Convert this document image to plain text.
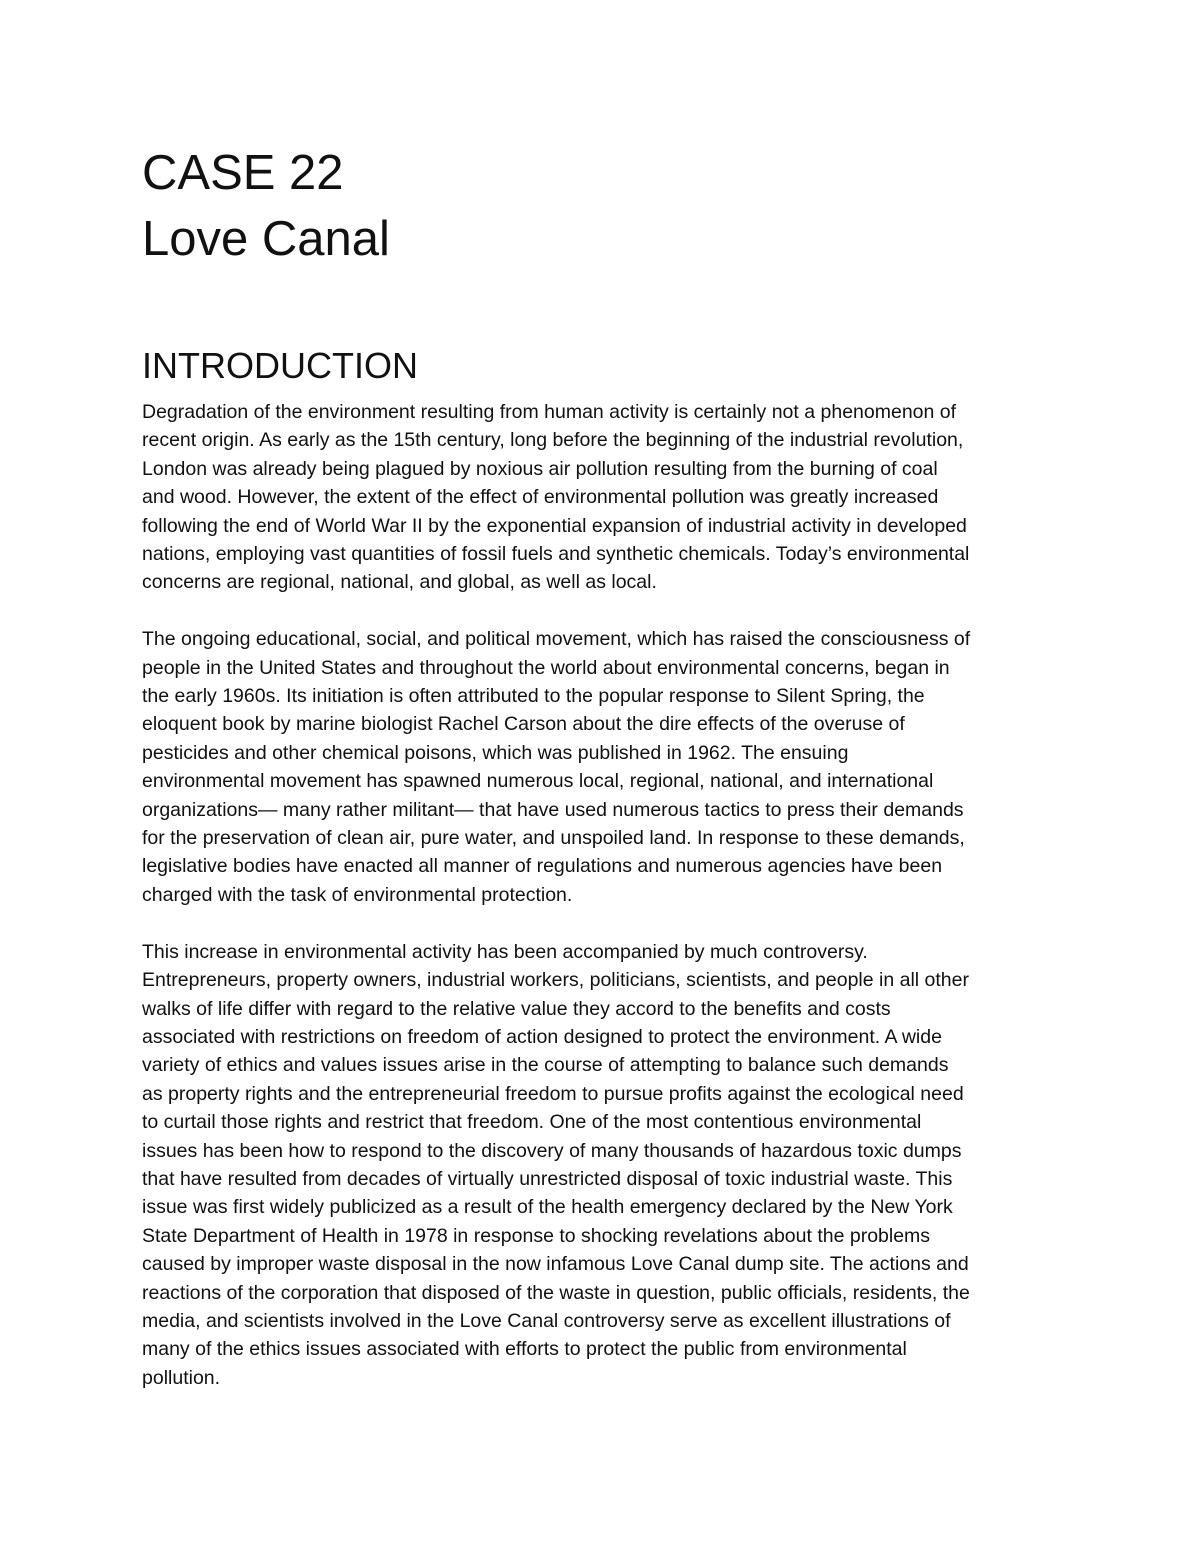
CASE 22
Love Canal
INTRODUCTION

Degradation of the environment resulting from human activity is certainly not a phenomenon of
recent origin. As early as the 15th century, long before the beginning of the industrial revolution,
London was already being plagued by noxious air pollution resulting from the burning of coal
and wood. However, the extent of the effect of environmental pollution was greatly increased
following the end of World War II by the exponential expansion of industrial activity in developed
nations, employing vast quantities of fossil fuels and synthetic chemicals. Today’s environmental
concerns are regional, national, and global, as well as local.

The ongoing educational, social, and political movement, which has raised the consciousness of
people in the United States and throughout the world about environmental concerns, began in
the early 1960s. Its initiation is often attributed to the popular response to Silent Spring, the
eloquent book by marine biologist Rachel Carson about the dire effects of the overuse of
pesticides and other chemical poisons, which was published in 1962. The ensuing
environmental movement has spawned numerous local, regional, national, and international
organizations— many rather militant— that have used numerous tactics to press their demands
for the preservation of clean air, pure water, and unspoiled land. In response to these demands,
legislative bodies have enacted all manner of regulations and numerous agencies have been
charged with the task of environmental protection.

This increase in environmental activity has been accompanied by much controversy.
Entrepreneurs, property owners, industrial workers, politicians, scientists, and people in all other
walks of life differ with regard to the relative value they accord to the benefits and costs
associated with restrictions on freedom of action designed to protect the environment. A wide
variety of ethics and values issues arise in the course of attempting to balance such demands
as property rights and the entrepreneurial freedom to pursue profits against the ecological need
to curtail those rights and restrict that freedom. One of the most contentious environmental
issues has been how to respond to the discovery of many thousands of hazardous toxic dumps
that have resulted from decades of virtually unrestricted disposal of toxic industrial waste. This
issue was first widely publicized as a result of the health emergency declared by the New York
State Department of Health in 1978 in response to shocking revelations about the problems
caused by improper waste disposal in the now infamous Love Canal dump site. The actions and
reactions of the corporation that disposed of the waste in question, public officials, residents, the
media, and scientists involved in the Love Canal controversy serve as excellent illustrations of
many of the ethics issues associated with efforts to protect the public from environmental
pollution.
